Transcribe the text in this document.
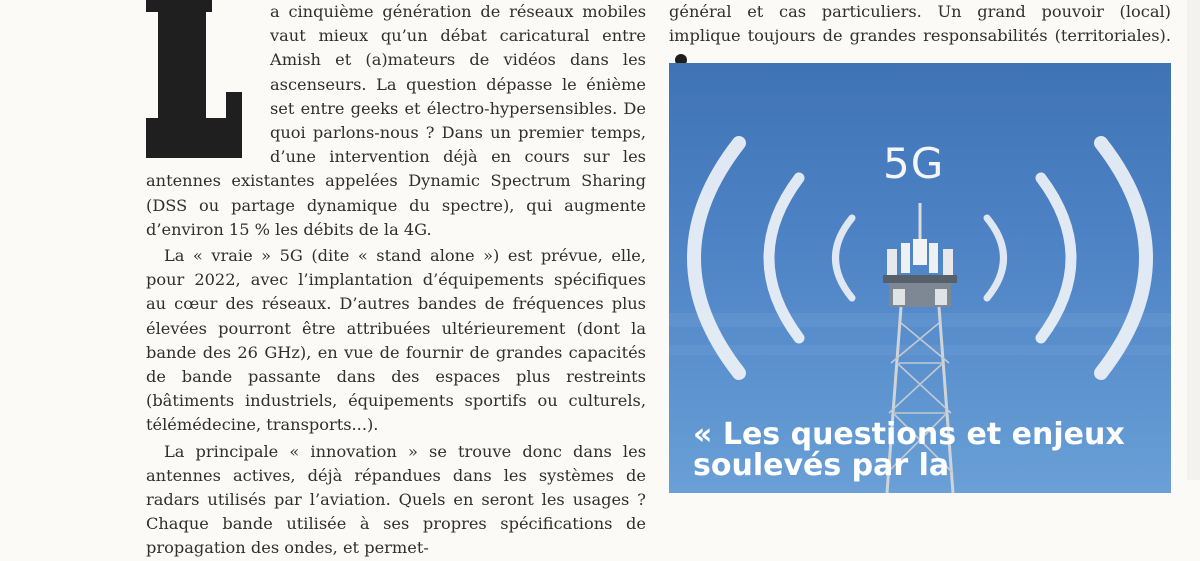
a cinquième génération de réseaux mobiles vaut mieux qu’un débat caricatural entre Amish et (a)mateurs de vidéos dans les ascenseurs. La question dépasse le énième set entre geeks et électro-hypersensibles. De quoi parlons-nous ? Dans un premier temps, d’une intervention déjà en cours sur les antennes existantes appelées Dynamic Spectrum Sharing (DSS ou partage dynamique du spectre), qui augmente d’environ 15 % les débits de la 4G.

La « vraie » 5G (dite « stand alone ») est prévue, elle, pour 2022, avec l’implantation d’équipements spécifiques au cœur des réseaux. D’autres bandes de fréquences plus élevées pourront être attribuées ultérieurement (dont la bande des 26 GHz), en vue de fournir de grandes capacités de bande passante dans des espaces plus restreints (bâtiments industriels, équipements sportifs ou culturels, télémédecine, transports...).

La principale « innovation » se trouve donc dans les antennes actives, déjà répandues dans les systèmes de radars utilisés par l’aviation. Quels en seront les usages ? Chaque bande utilisée à ses propres spécifications de propagation des ondes, et permet-

général et cas particuliers. Un grand pouvoir (local) implique toujours de grandes responsabilités (territoriales).

5G
« Les questions et enjeux soulevés par la
